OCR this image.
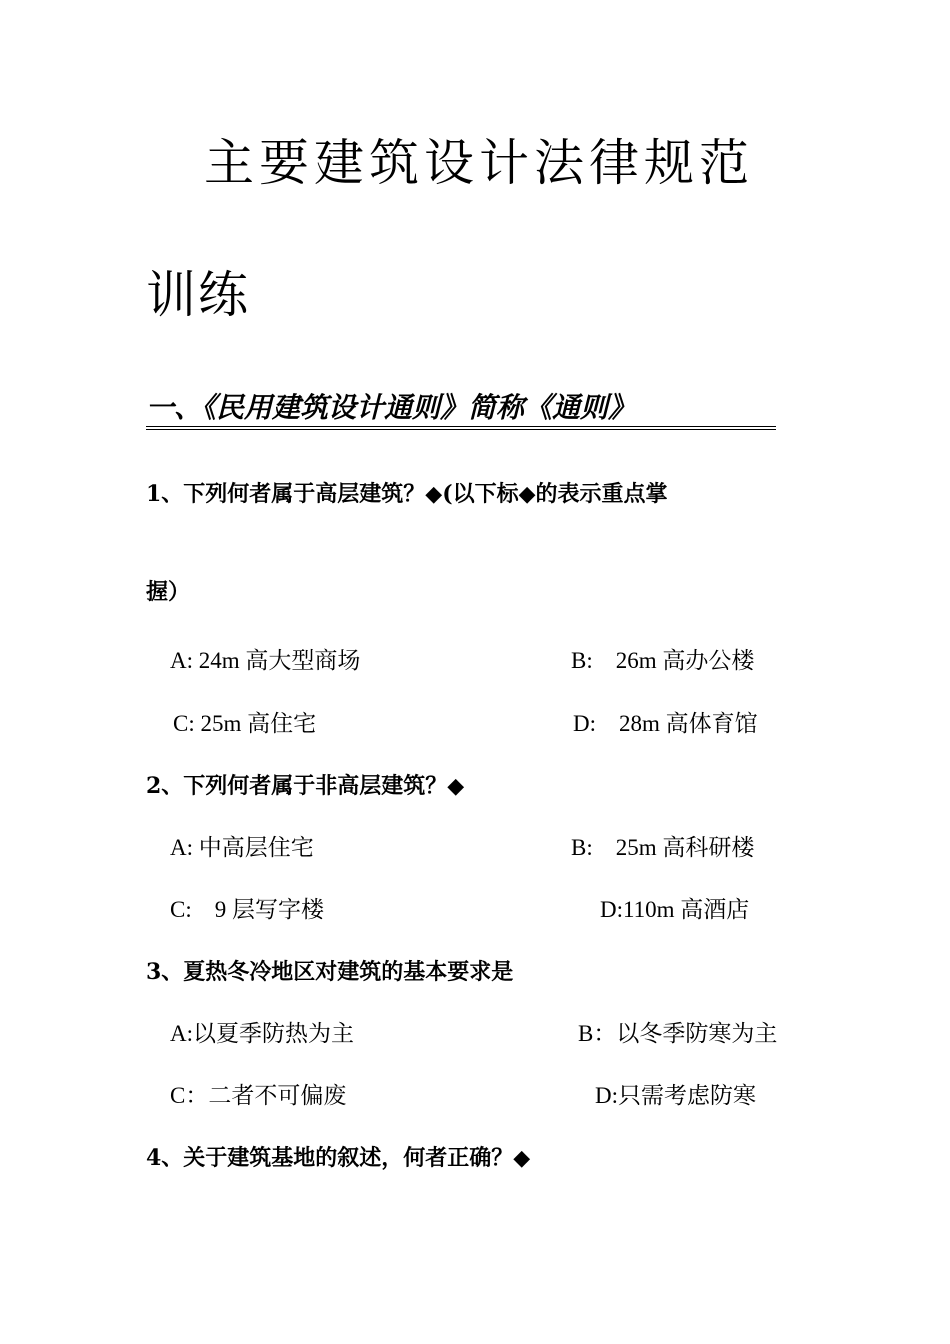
主要建筑设计法律规范
训练
一、《民用建筑设计通则》简称《通则》
1、下列何者属于高层建筑？◆(以下标◆的表示重点掌
握）
A: 24m 高大型商场	B:　26m 高办公楼
C: 25m 高住宅	D:　28m 高体育馆
2、下列何者属于非高层建筑？◆
A: 中高层住宅	B:　25m 高科研楼
C:　9 层写字楼	D:110m 高酒店
3、夏热冬冷地区对建筑的基本要求是
A:以夏季防热为主	B：以冬季防寒为主
C：二者不可偏废	D:只需考虑防寒
4、关于建筑基地的叙述，何者正确？◆
